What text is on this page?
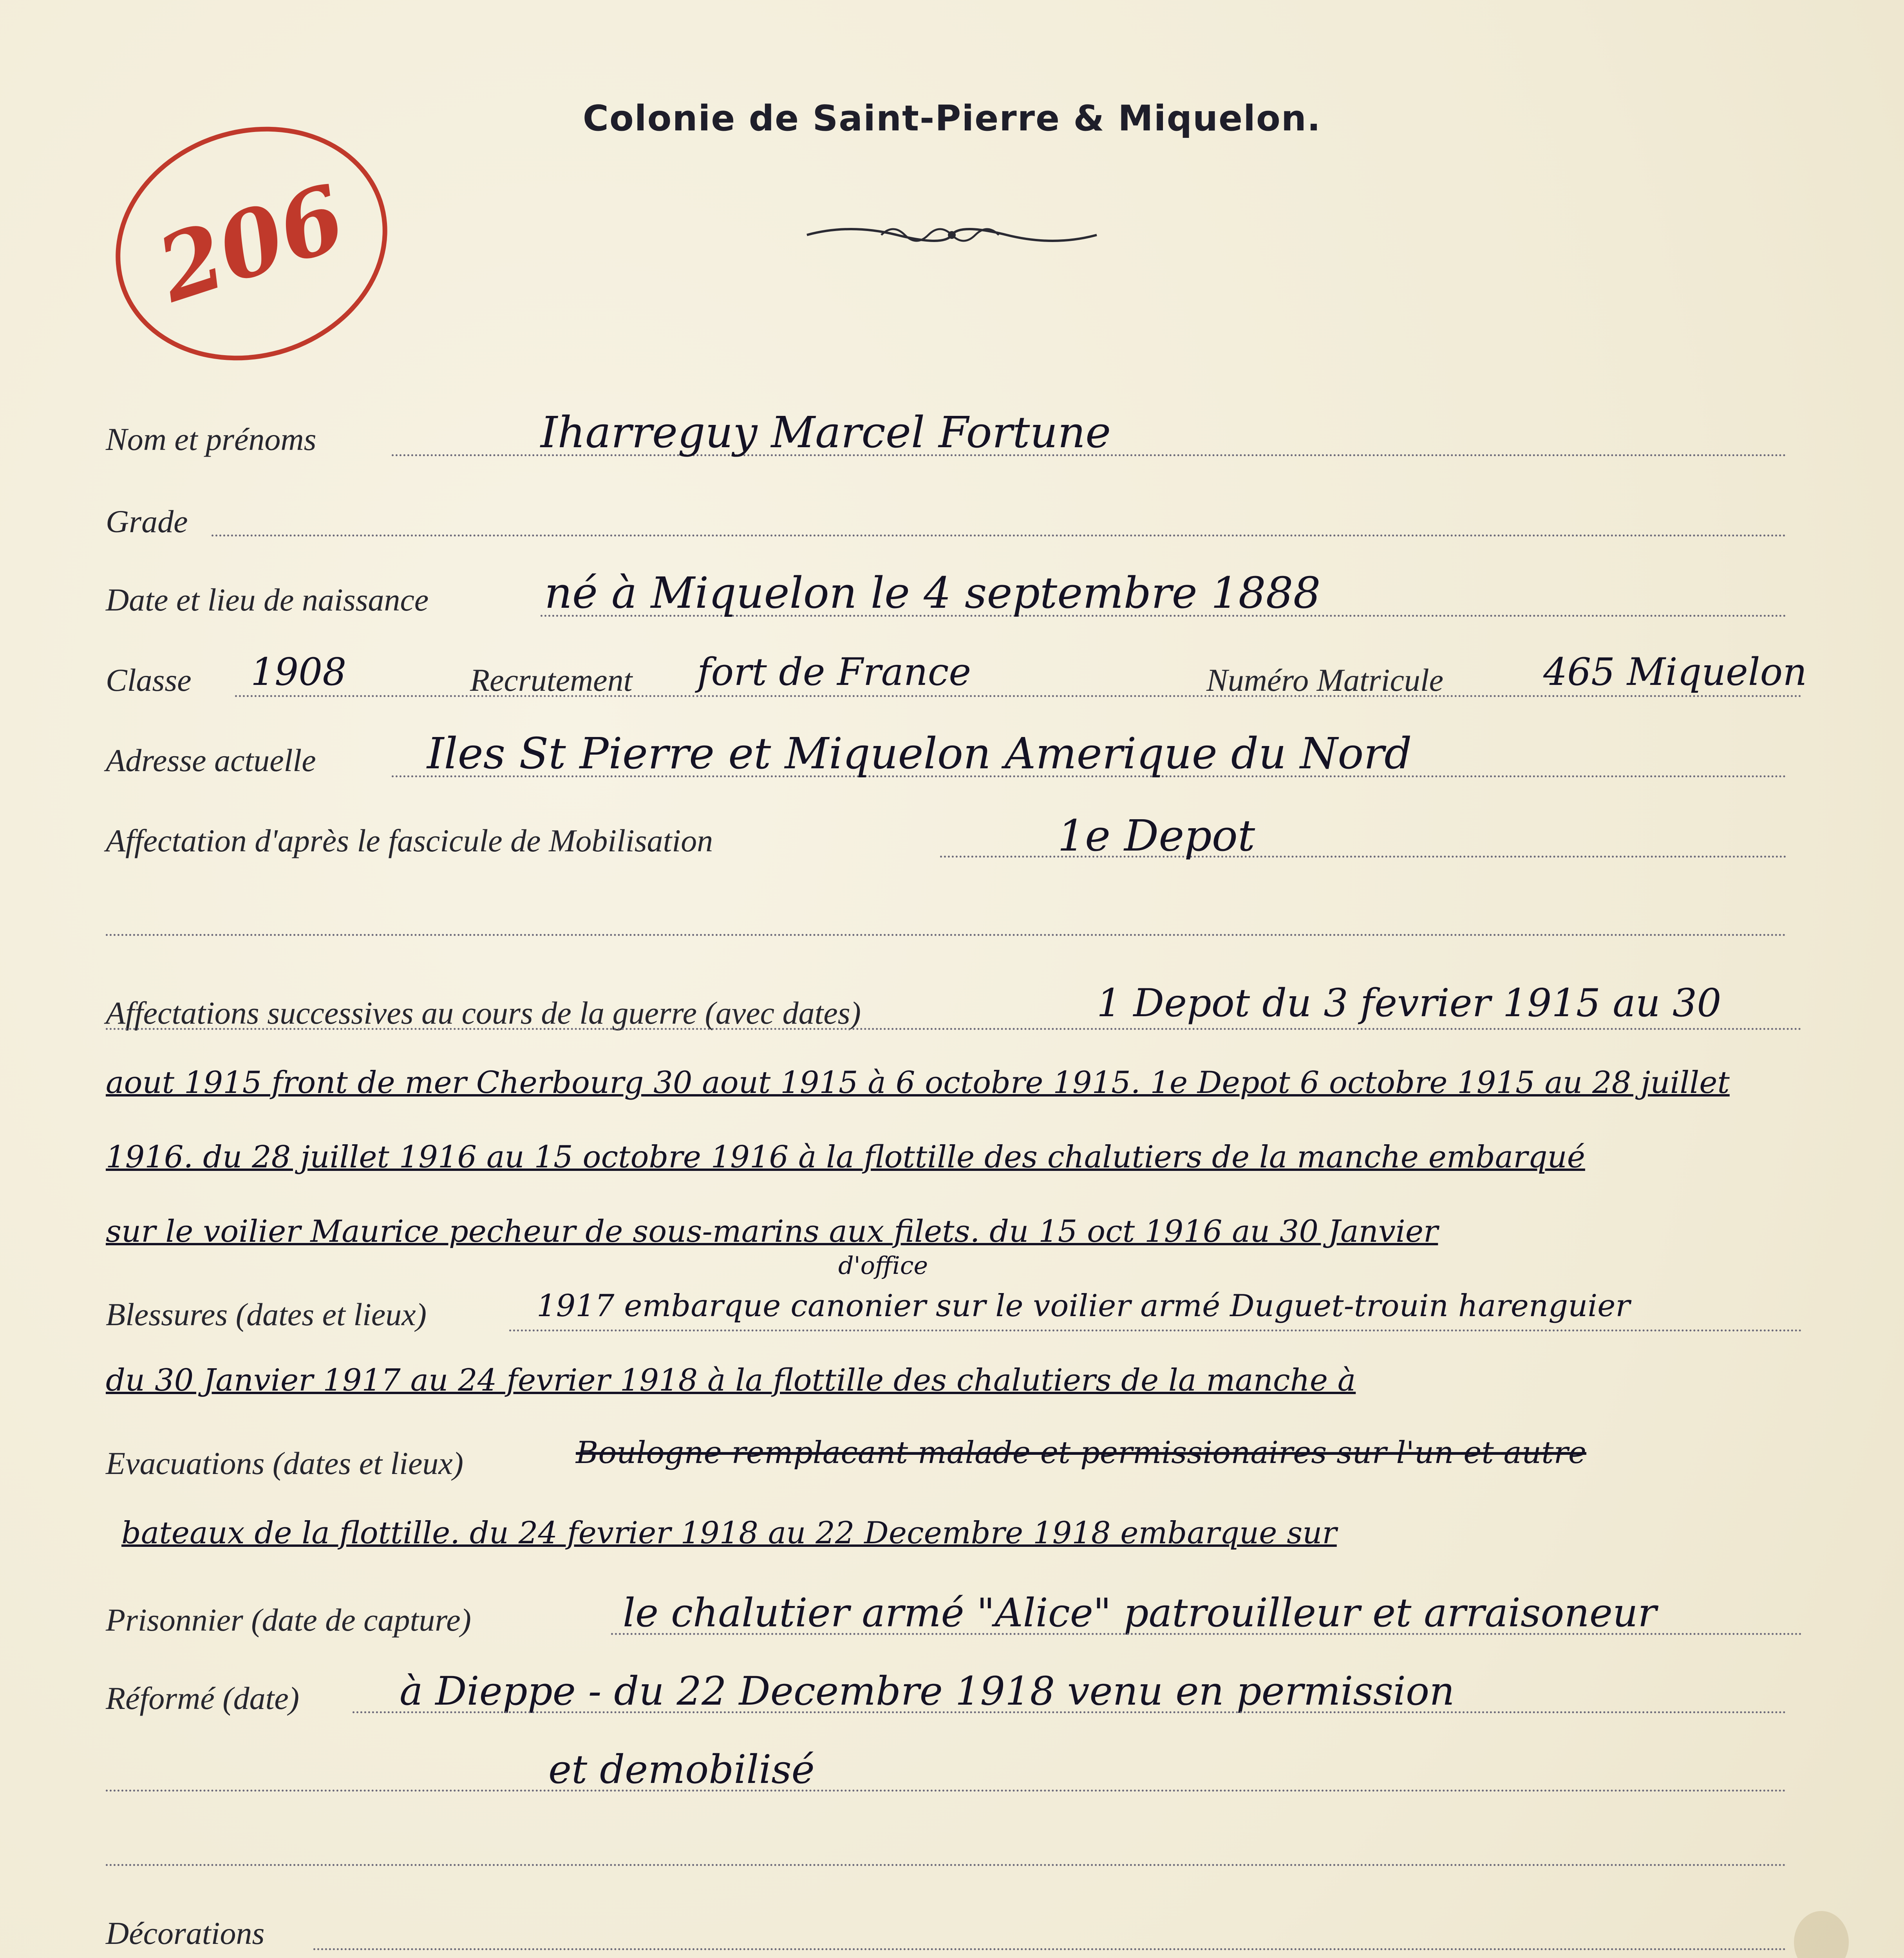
Colonie de Saint-Pierre & Miquelon.
206
Nom et prénoms	Iharreguy Marcel Fortune
Grade
Date et lieu de naissance	né à Miquelon le 4 septembre 1888
Classe 1908	Recrutement fort de France	Numéro Matricule	465 Miquelon
Adresse actuelle	Iles St Pierre et Miquelon Amerique du Nord
Affectation d'après le fascicule de Mobilisation	1e Depot
Affectations successives au cours de la guerre (avec dates)	1 Depot du 3 fevrier 1915 au 30
aout 1915 front de mer Cherbourg 30 aout 1915 à 6 octobre 1915. 1e Depot 6 octobre 1915 au 28 juillet
1916. du 28 juillet 1916 au 15 octobre 1916 à la flottille des chalutiers de la manche embarqué
sur le voilier Maurice pecheur de sous-marins aux filets. du 15 oct 1916 au 30 Janvier
Blessures (dates et lieux)
d'office
1917 embarque canonier sur le voilier armé Duguet-trouin harenguier
du 30 Janvier 1917 au 24 fevrier 1918 à la flottille des chalutiers de la manche à
Evacuations (dates et lieux)	Boulogne remplacant malade et permissionaires sur l'un et autre
bateaux de la flottille. du 24 fevrier 1918 au 22 Decembre 1918 embarque sur
Prisonnier (date de capture)	le chalutier armé "Alice" patrouilleur et arraisoneur
Réformé (date)	à Dieppe - du 22 Decembre 1918 venu en permission
et demobilisé
Décorations
